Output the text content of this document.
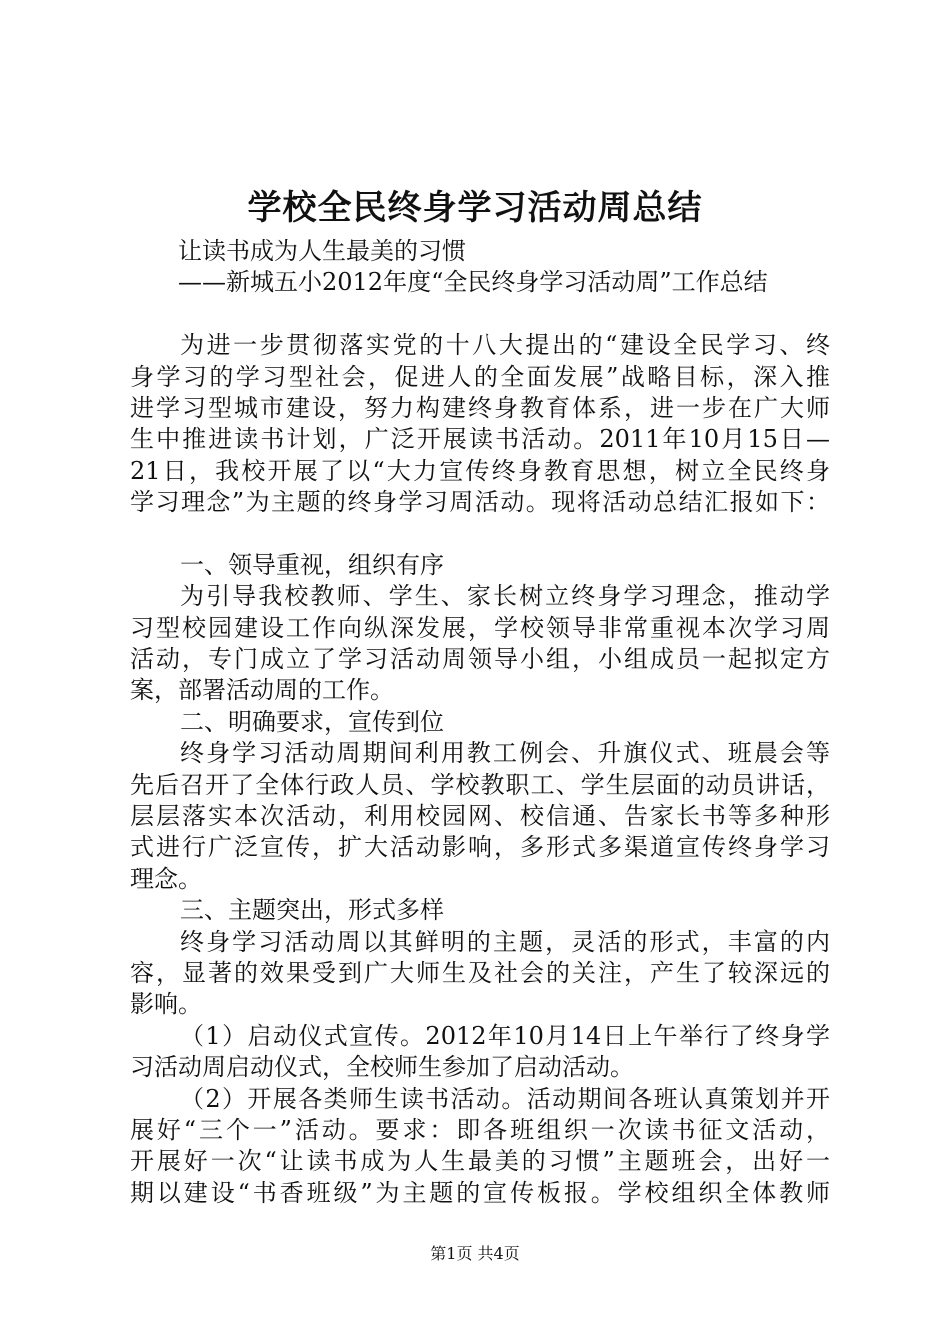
学校全民终身学习活动周总结
让读书成为人生最美的习惯
——新城五小2012年度“全民终身学习活动周”工作总结
为进一步贯彻落实党的十八大提出的“建设全民学习、终
身学习的学习型社会，促进人的全面发展”战略目标，深入推
进学习型城市建设，努力构建终身教育体系，进一步在广大师
生中推进读书计划，广泛开展读书活动。2011年10月15日—
21日，我校开展了以“大力宣传终身教育思想，树立全民终身
学习理念”为主题的终身学习周活动。现将活动总结汇报如下：
一、领导重视，组织有序
为引导我校教师、学生、家长树立终身学习理念，推动学
习型校园建设工作向纵深发展，学校领导非常重视本次学习周
活动，专门成立了学习活动周领导小组，小组成员一起拟定方
案，部署活动周的工作。
二、明确要求，宣传到位
终身学习活动周期间利用教工例会、升旗仪式、班晨会等
先后召开了全体行政人员、学校教职工、学生层面的动员讲话，
层层落实本次活动，利用校园网、校信通、告家长书等多种形
式进行广泛宣传，扩大活动影响，多形式多渠道宣传终身学习
理念。
三、主题突出，形式多样
终身学习活动周以其鲜明的主题，灵活的形式，丰富的内
容，显著的效果受到广大师生及社会的关注，产生了较深远的
影响。
（1）启动仪式宣传。2012年10月14日上午举行了终身学
习活动周启动仪式，全校师生参加了启动活动。
（2）开展各类师生读书活动。活动期间各班认真策划并开
展好“三个一”活动。要求：即各班组织一次读书征文活动，
开展好一次“让读书成为人生最美的习惯”主题班会，出好一
期以建设“书香班级”为主题的宣传板报。学校组织全体教师
第1页 共4页
